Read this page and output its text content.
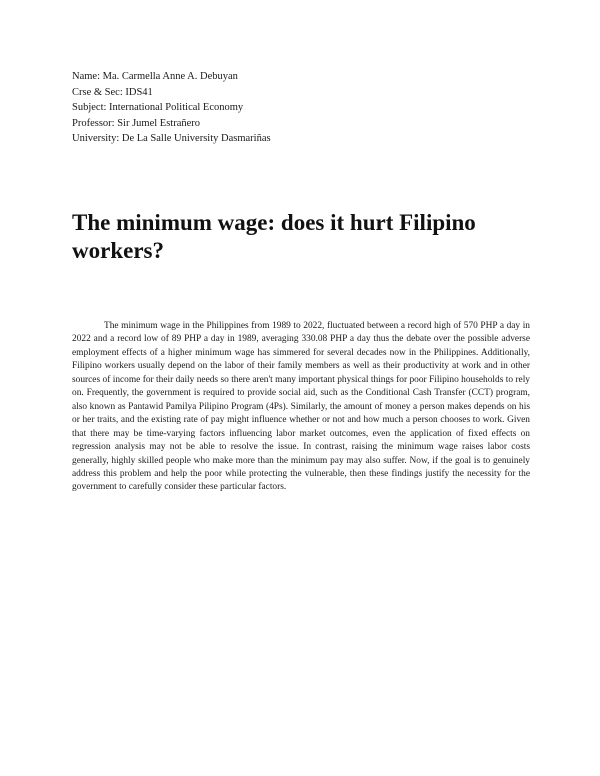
Name: Ma. Carmella Anne A. Debuyan
Crse & Sec: IDS41
Subject: International Political Economy
Professor: Sir Jumel Estrañero
University: De La Salle University Dasmariñas
The minimum wage: does it hurt Filipino workers?

The minimum wage in the Philippines from 1989 to 2022, fluctuated between a record high of 570 PHP a day in 2022 and a record low of 89 PHP a day in 1989, averaging 330.08 PHP a day thus the debate over the possible adverse employment effects of a higher minimum wage has simmered for several decades now in the Philippines. Additionally, Filipino workers usually depend on the labor of their family members as well as their productivity at work and in other sources of income for their daily needs so there aren't many important physical things for poor Filipino households to rely on. Frequently, the government is required to provide social aid, such as the Conditional Cash Transfer (CCT) program, also known as Pantawid Pamilya Pilipino Program (4Ps). Similarly, the amount of money a person makes depends on his or her traits, and the existing rate of pay might influence whether or not and how much a person chooses to work. Given that there may be time-varying factors influencing labor market outcomes, even the application of fixed effects on regression analysis may not be able to resolve the issue. In contrast, raising the minimum wage raises labor costs generally, highly skilled people who make more than the minimum pay may also suffer. Now, if the goal is to genuinely address this problem and help the poor while protecting the vulnerable, then these findings justify the necessity for the government to carefully consider these particular factors.
